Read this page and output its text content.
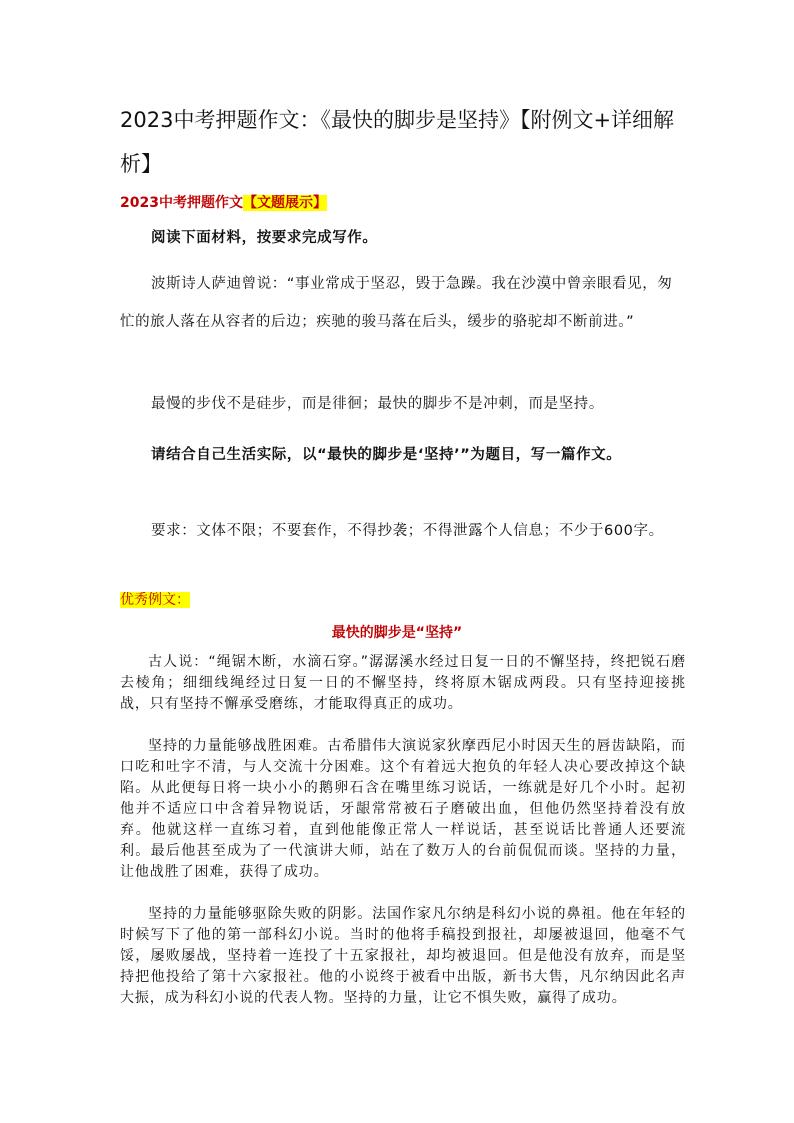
2023中考押题作文：《最快的脚步是坚持》【附例文+详细解析】
2023中考押题作文【文题展示】

阅读下面材料，按要求完成写作。

波斯诗人萨迪曾说：“事业常成于坚忍，毁于急躁。我在沙漠中曾亲眼看见，匆忙的旅人落在从容者的后边；疾驰的骏马落在后头，缓步的骆驼却不断前进。”

最慢的步伐不是硅步，而是徘徊；最快的脚步不是冲刺，而是坚持。

请结合自己生活实际，以“最快的脚步是‘坚持’”为题目，写一篇作文。

要求：文体不限；不要套作，不得抄袭；不得泄露个人信息；不少于600字。

优秀例文：
最快的脚步是“坚持”

古人说：“绳锯木断，水滴石穿。”潺潺溪水经过日复一日的不懈坚持，终把锐石磨去棱角；细细线绳经过日复一日的不懈坚持，终将原木锯成两段。只有坚持迎接挑战，只有坚持不懈承受磨练，才能取得真正的成功。

坚持的力量能够战胜困难。古希腊伟大演说家狄摩西尼小时因天生的唇齿缺陷，而口吃和吐字不清，与人交流十分困难。这个有着远大抱负的年轻人决心要改掉这个缺陷。从此便每日将一块小小的鹅卵石含在嘴里练习说话，一练就是好几个小时。起初他并不适应口中含着异物说话，牙龈常常被石子磨破出血，但他仍然坚持着没有放弃。他就这样一直练习着，直到他能像正常人一样说话，甚至说话比普通人还要流利。最后他甚至成为了一代演讲大师，站在了数万人的台前侃侃而谈。坚持的力量，让他战胜了困难，获得了成功。

坚持的力量能够驱除失败的阴影。法国作家凡尔纳是科幻小说的鼻祖。他在年轻的时候写下了他的第一部科幻小说。当时的他将手稿投到报社，却屡被退回，他毫不气馁，屡败屡战，坚持着一连投了十五家报社，却均被退回。但是他没有放弃，而是坚持把他投给了第十六家报社。他的小说终于被看中出版，新书大售，凡尔纳因此名声大振，成为科幻小说的代表人物。坚持的力量，让它不惧失败，赢得了成功。
